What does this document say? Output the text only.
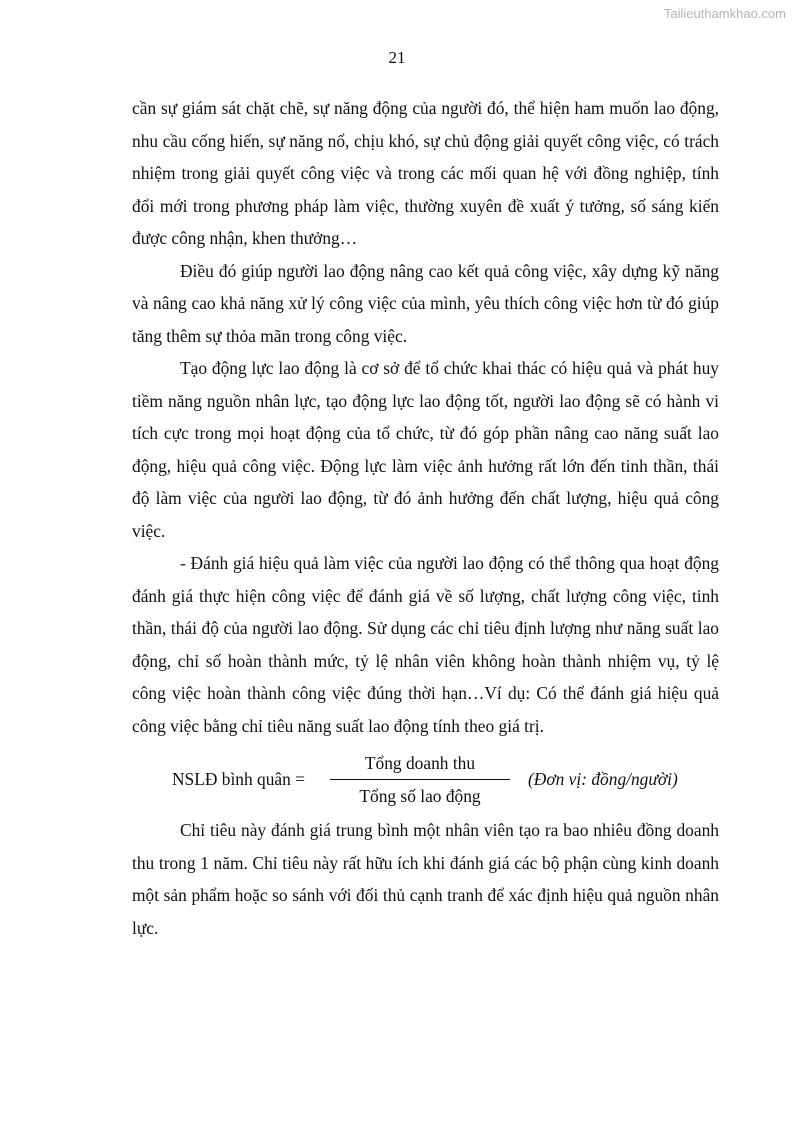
Tailieuthamkhao.com
21

cần sự giám sát chặt chẽ, sự năng động của người đó, thể hiện ham muốn lao động, nhu cầu cống hiến, sự năng nổ, chịu khó, sự chủ động giải quyết công việc, có trách nhiệm trong giải quyết công việc và trong các mối quan hệ với đồng nghiệp, tính đổi mới trong phương pháp làm việc, thường xuyên đề xuất ý tưởng, số sáng kiến được công nhận, khen thưởng…

Điều đó giúp người lao động nâng cao kết quả công việc, xây dựng kỹ năng và nâng cao khả năng xử lý công việc của mình, yêu thích công việc hơn từ đó giúp tăng thêm sự thỏa mãn trong công việc.

Tạo động lực lao động là cơ sở để tổ chức khai thác có hiệu quả và phát huy tiềm năng nguồn nhân lực, tạo động lực lao động tốt, người lao động sẽ có hành vi tích cực trong mọi hoạt động của tổ chức, từ đó góp phần nâng cao năng suất lao động, hiệu quả công việc. Động lực làm việc ảnh hưởng rất lớn đến tinh thần, thái độ làm việc của người lao động, từ đó ảnh hưởng đến chất lượng, hiệu quả công việc.

- Đánh giá hiệu quả làm việc của người lao động có thể thông qua hoạt động đánh giá thực hiện công việc để đánh giá về số lượng, chất lượng công việc, tinh thần, thái độ của người lao động. Sử dụng các chỉ tiêu định lượng như năng suất lao động, chỉ số hoàn thành mức, tỷ lệ nhân viên không hoàn thành nhiệm vụ, tỷ lệ công việc hoàn thành công việc đúng thời hạn…Ví dụ: Có thể đánh giá hiệu quả công việc bằng chỉ tiêu năng suất lao động tính theo giá trị.

NSLĐ bình quân =	$\frac{\text{Tổng doanh thu}}{\text{Tổng số lao động}}$ (Đơn vị: đồng/người)

Chỉ tiêu này đánh giá trung bình một nhân viên tạo ra bao nhiêu đồng doanh thu trong 1 năm. Chỉ tiêu này rất hữu ích khi đánh giá các bộ phận cùng kinh doanh một sản phẩm hoặc so sánh với đối thủ cạnh tranh để xác định hiệu quả nguồn nhân lực.
